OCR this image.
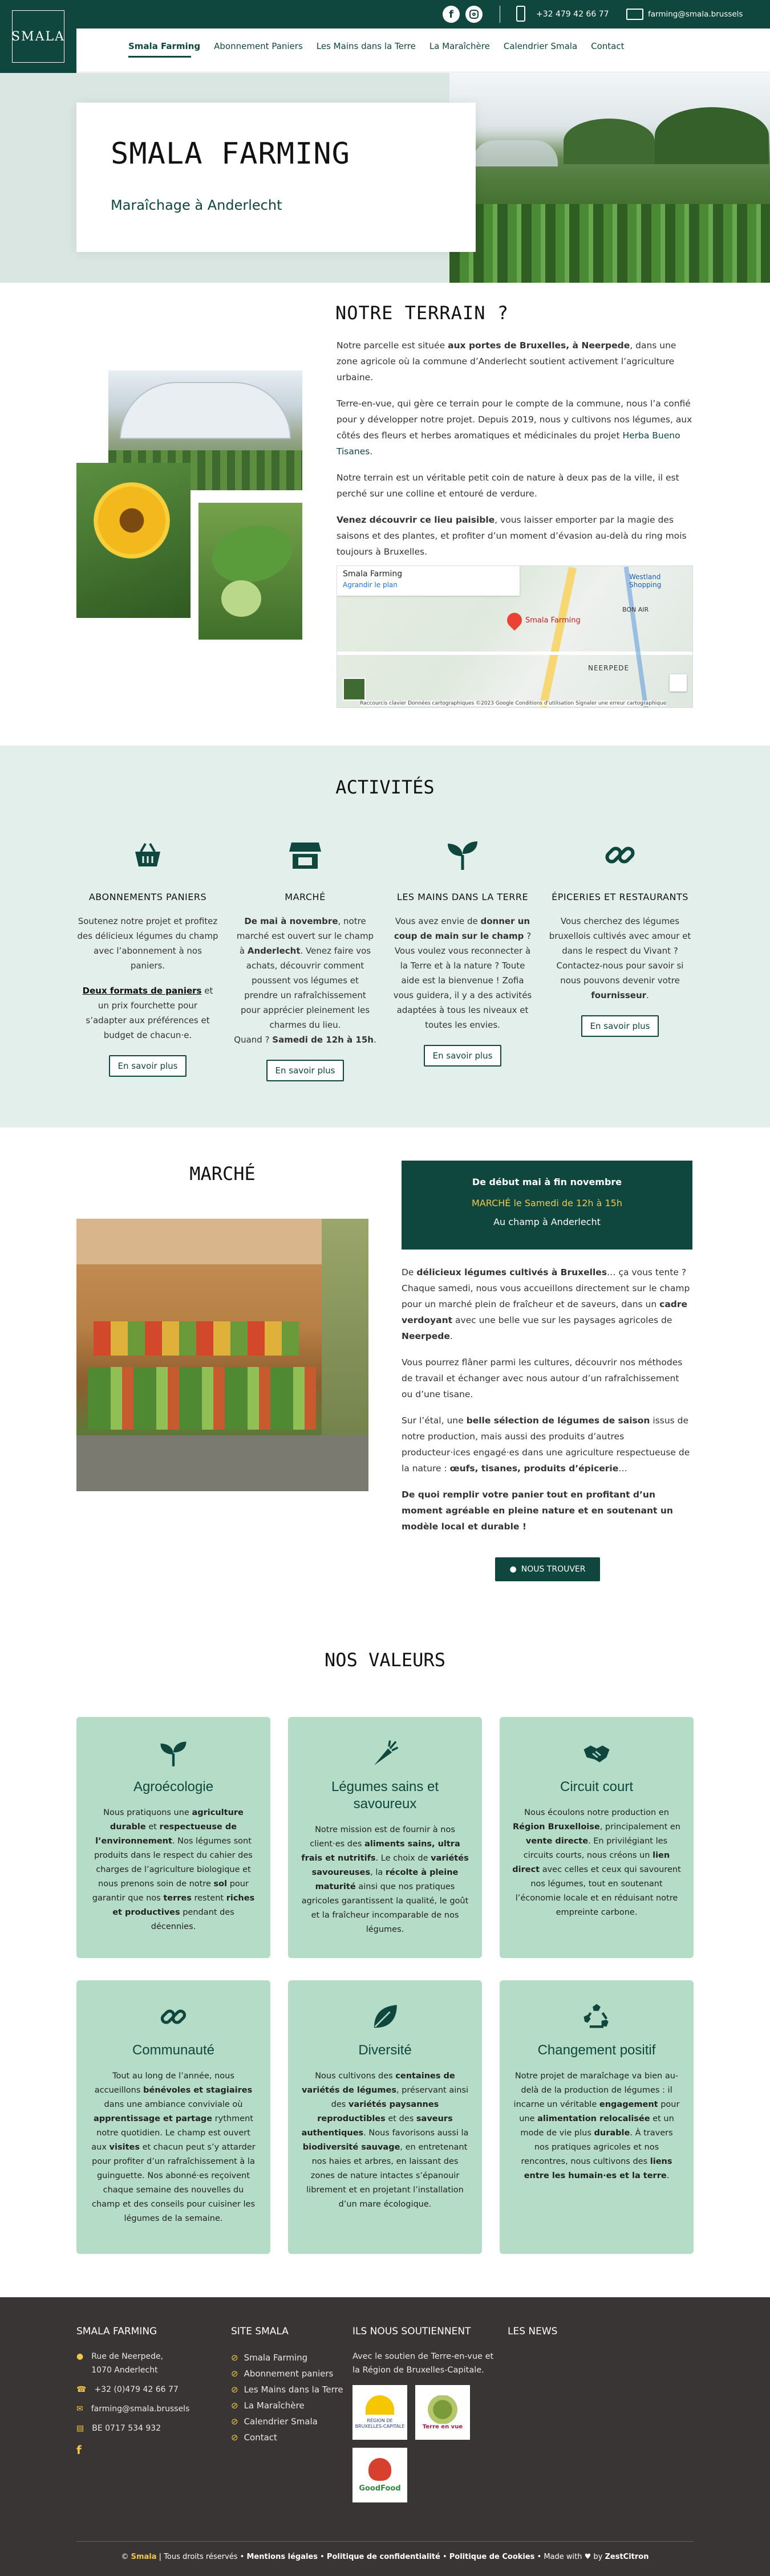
SMALA
f	+32 479 42 66 77	farming@smala.brussels
Smala Farming Abonnement Paniers Les Mains dans la Terre La Maraîchère Calendrier Smala Contact
SMALA FARMING
Maraîchage à Anderlecht
NOTRE TERRAIN ?

Notre parcelle est située aux portes de Bruxelles, à Neerpede, dans une zone agricole où la commune d’Anderlecht soutient activement l’agriculture urbaine.

Terre-en-vue, qui gère ce terrain pour le compte de la commune, nous l’a confié pour y développer notre projet. Depuis 2019, nous y cultivons nos légumes, aux côtés des fleurs et herbes aromatiques et médicinales du projet Herba Bueno Tisanes.

Notre terrain est un véritable petit coin de nature à deux pas de la ville, il est perché sur une colline et entouré de verdure.

Venez découvrir ce lieu paisible, vous laisser emporter par la magie des saisons et des plantes, et profiter d’un moment d’évasion au-delà du ring mois toujours à Bruxelles.

Smala Farming
Agrandir le plan
Smala Farming
Westland Shopping
NEERPEDE
BON AIR
Raccourcis clavier Données cartographiques ©2023 Google Conditions d'utilisation Signaler une erreur cartographique
ACTIVITÉS
ABONNEMENTS PANIERS

Soutenez notre projet et profitez des délicieux légumes du champ avec l’abonnement à nos paniers.

Deux formats de paniers et un prix fourchette pour s’adapter aux préférences et budget de chacun·e.

En savoir plus
MARCHÉ

De mai à novembre, notre marché est ouvert sur le champ à Anderlecht. Venez faire vos achats, découvrir comment poussent vos légumes et prendre un rafraîchissement pour apprécier pleinement les charmes du lieu.

Quand ? Samedi de 12h à 15h.

En savoir plus
LES MAINS DANS LA TERRE

Vous avez envie de donner un coup de main sur le champ ? Vous voulez vous reconnecter à la Terre et à la nature ? Toute aide est la bienvenue ! Zofia vous guidera, il y a des activités adaptées à tous les niveaux et toutes les envies.

En savoir plus
ÉPICERIES ET RESTAURANTS

Vous cherchez des légumes bruxellois cultivés avec amour et dans le respect du Vivant ? Contactez-nous pour savoir si nous pouvons devenir votre fournisseur.

En savoir plus
MARCHÉ	De début mai à fin novembre
MARCHÉ le Samedi de 12h à 15h
Au champ à Anderlecht

De délicieux légumes cultivés à Bruxelles… ça vous tente ? Chaque samedi, nous vous accueillons directement sur le champ pour un marché plein de fraîcheur et de saveurs, dans un cadre verdoyant avec une belle vue sur les paysages agricoles de Neerpede.

Vous pourrez flâner parmi les cultures, découvrir nos méthodes de travail et échanger avec nous autour d’un rafraîchissement ou d’une tisane.

Sur l’étal, une belle sélection de légumes de saison issus de notre production, mais aussi des produits d’autres producteur·ices engagé·es dans une agriculture respectueuse de la nature : œufs, tisanes, produits d’épicerie…

De quoi remplir votre panier tout en profitant d’un moment agréable en pleine nature et en soutenant un modèle local et durable !

● NOUS TROUVER
NOS VALEURS
Agroécologie

Nous pratiquons une agriculture durable et respectueuse de l’environnement. Nos légumes sont produits dans le respect du cahier des charges de l’agriculture biologique et nous prenons soin de notre sol pour garantir que nos terres restent riches et productives pendant des décennies.

Légumes sains et savoureux

Notre mission est de fournir à nos client·es des aliments sains, ultra frais et nutritifs. Le choix de variétés savoureuses, la récolte à pleine maturité ainsi que nos pratiques agricoles garantissent la qualité, le goût et la fraîcheur incomparable de nos légumes.

Circuit court

Nous écoulons notre production en Région Bruxelloise, principalement en vente directe. En privilégiant les circuits courts, nous créons un lien direct avec celles et ceux qui savourent nos légumes, tout en soutenant l’économie locale et en réduisant notre empreinte carbone.

Communauté

Tout au long de l’année, nous accueillons bénévoles et stagiaires dans une ambiance conviviale où apprentissage et partage rythment notre quotidien. Le champ est ouvert aux visites et chacun peut s’y attarder pour profiter d’un rafraîchissement à la guinguette. Nos abonné·es reçoivent chaque semaine des nouvelles du champ et des conseils pour cuisiner les légumes de la semaine.

Diversité

Nous cultivons des centaines de variétés de légumes, préservant ainsi des variétés paysannes reproductibles et des saveurs authentiques. Nous favorisons aussi la biodiversité sauvage, en entretenant nos haies et arbres, en laissant des zones de nature intactes s’épanouir librement et en projetant l’installation d’un mare écologique.

Changement positif

Notre projet de maraîchage va bien au-delà de la production de légumes : il incarne un véritable engagement pour une alimentation relocalisée et un mode de vie plus durable. À travers nos pratiques agricoles et nos rencontres, nous cultivons des liens entre les humain·es et la terre.

SMALA FARMING
● Rue de Neerpede,
1070 Anderlecht
☎ +32 (0)479 42 66 77
✉ farming@smala.brussels
▤ BE 0717 534 932
f
SITE SMALA
⊘ Smala Farming
⊘ Abonnement paniers
⊘ Les Mains dans la Terre
⊘ La Maraîchère
⊘ Calendrier Smala
⊘ Contact
ILS NOUS SOUTIENNENT

Avec le soutien de Terre-en-vue et la Région de Bruxelles-Capitale.

RÉGION DE BRUXELLES-CAPITALE	Terre en vue
GoodFood
LES NEWS
© Smala | Tous droits réservés • Mentions légales • Politique de confidentialité • Politique de Cookies • Made with ♥ by ZestCitron
